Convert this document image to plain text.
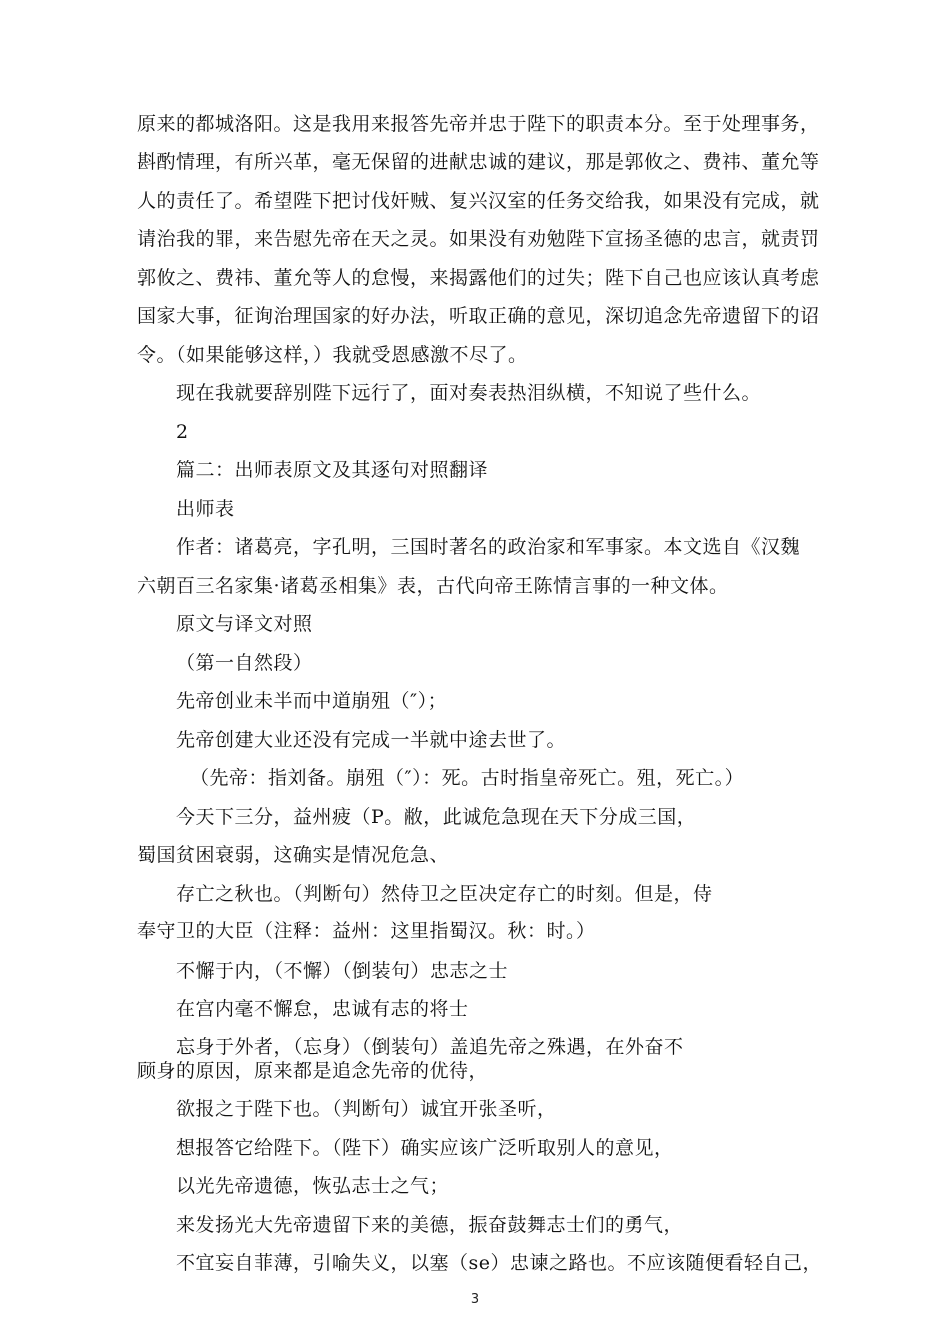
原来的都城洛阳。这是我用来报答先帝并忠于陛下的职责本分。至于处理事务，

斟酌情理，有所兴革，毫无保留的进献忠诚的建议，那是郭攸之、费祎、董允等

人的责任了。希望陛下把讨伐奸贼、复兴汉室的任务交给我，如果没有完成，就

请治我的罪，来告慰先帝在天之灵。如果没有劝勉陛下宣扬圣德的忠言，就责罚

郭攸之、费祎、董允等人的怠慢，来揭露他们的过失；陛下自己也应该认真考虑

国家大事，征询治理国家的好办法，听取正确的意见，深切追念先帝遗留下的诏

令。（如果能够这样，）我就受恩感激不尽了。

现在我就要辞别陛下远行了，面对奏表热泪纵横，不知说了些什么。

2

篇二：出师表原文及其逐句对照翻译

出师表

作者：诸葛亮，字孔明，三国时著名的政治家和军事家。本文选自《汉魏

六朝百三名家集·诸葛丞相集》表，古代向帝王陈情言事的一种文体。

原文与译文对照

（第一自然段）

先帝创业未半而中道崩殂（″）；

先帝创建大业还没有完成一半就中途去世了。

（先帝：指刘备。崩殂（″）：死。古时指皇帝死亡。殂，死亡。）

今天下三分，益州疲（P。敝，此诚危急现在天下分成三国，

蜀国贫困衰弱，这确实是情况危急、

存亡之秋也。（判断句）然侍卫之臣决定存亡的时刻。但是，侍

奉守卫的大臣（注释：益州：这里指蜀汉。秋：时。）

不懈于内，（不懈）（倒装句）忠志之士

在宫内毫不懈怠，忠诚有志的将士

忘身于外者，（忘身）（倒装句）盖追先帝之殊遇，在外奋不

顾身的原因，原来都是追念先帝的优待，

欲报之于陛下也。（判断句）诚宜开张圣听，

想报答它给陛下。（陛下）确实应该广泛听取别人的意见，

以光先帝遗德，恢弘志士之气；

来发扬光大先帝遗留下来的美德，振奋鼓舞志士们的勇气，

不宜妄自菲薄，引喻失义，以塞（se）忠谏之路也。不应该随便看轻自己，

3
